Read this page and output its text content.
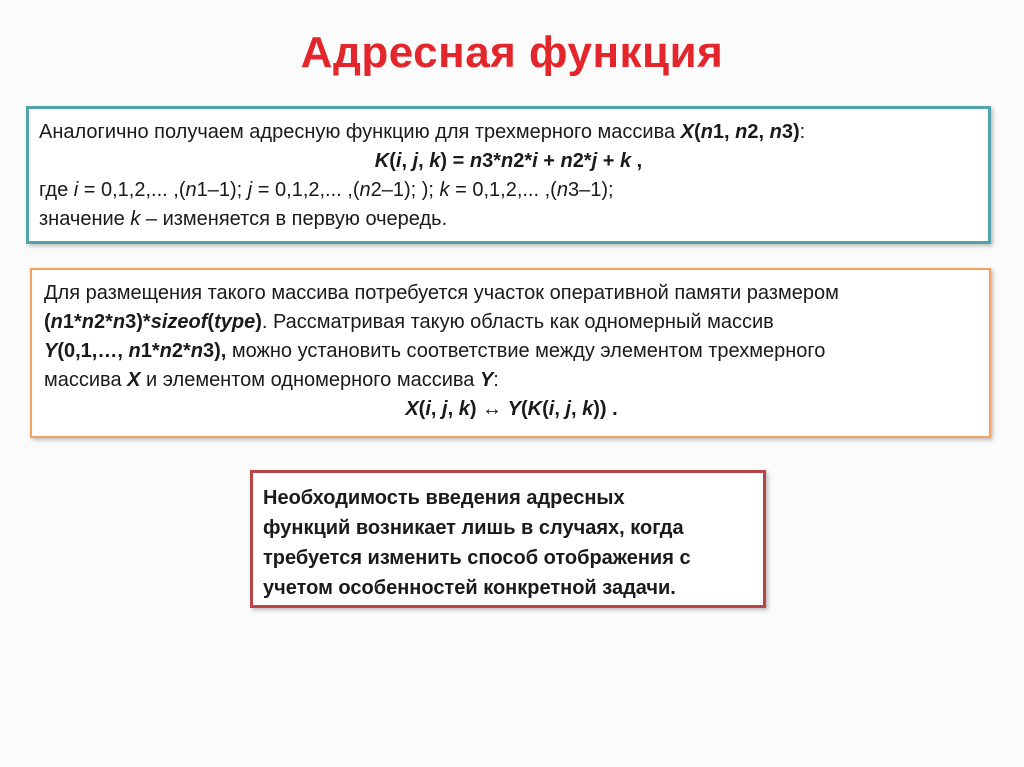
Адресная функция
Аналогично получаем адресную функцию для трехмерного массива X(n1, n2, n3):
K(i, j, k) = n3*n2*i + n2*j + k ,
где i = 0,1,2,... ,(n1–1); j = 0,1,2,... ,(n2–1); ); k = 0,1,2,... ,(n3–1);
значение k – изменяется в первую очередь.
Для размещения такого массива потребуется участок оперативной памяти размером
(n1*n2*n3)*sizeof(type). Рассматривая такую область как одномерный массив
Y(0,1,…, n1*n2*n3), можно установить соответствие между элементом трехмерного
массива X и элементом одномерного массива Y:
X(i, j, k) ↔ Y(K(i, j, k)) .
Необходимость введения адресных
функций возникает лишь в случаях, когда
требуется изменить способ отображения с
учетом особенностей конкретной задачи.
